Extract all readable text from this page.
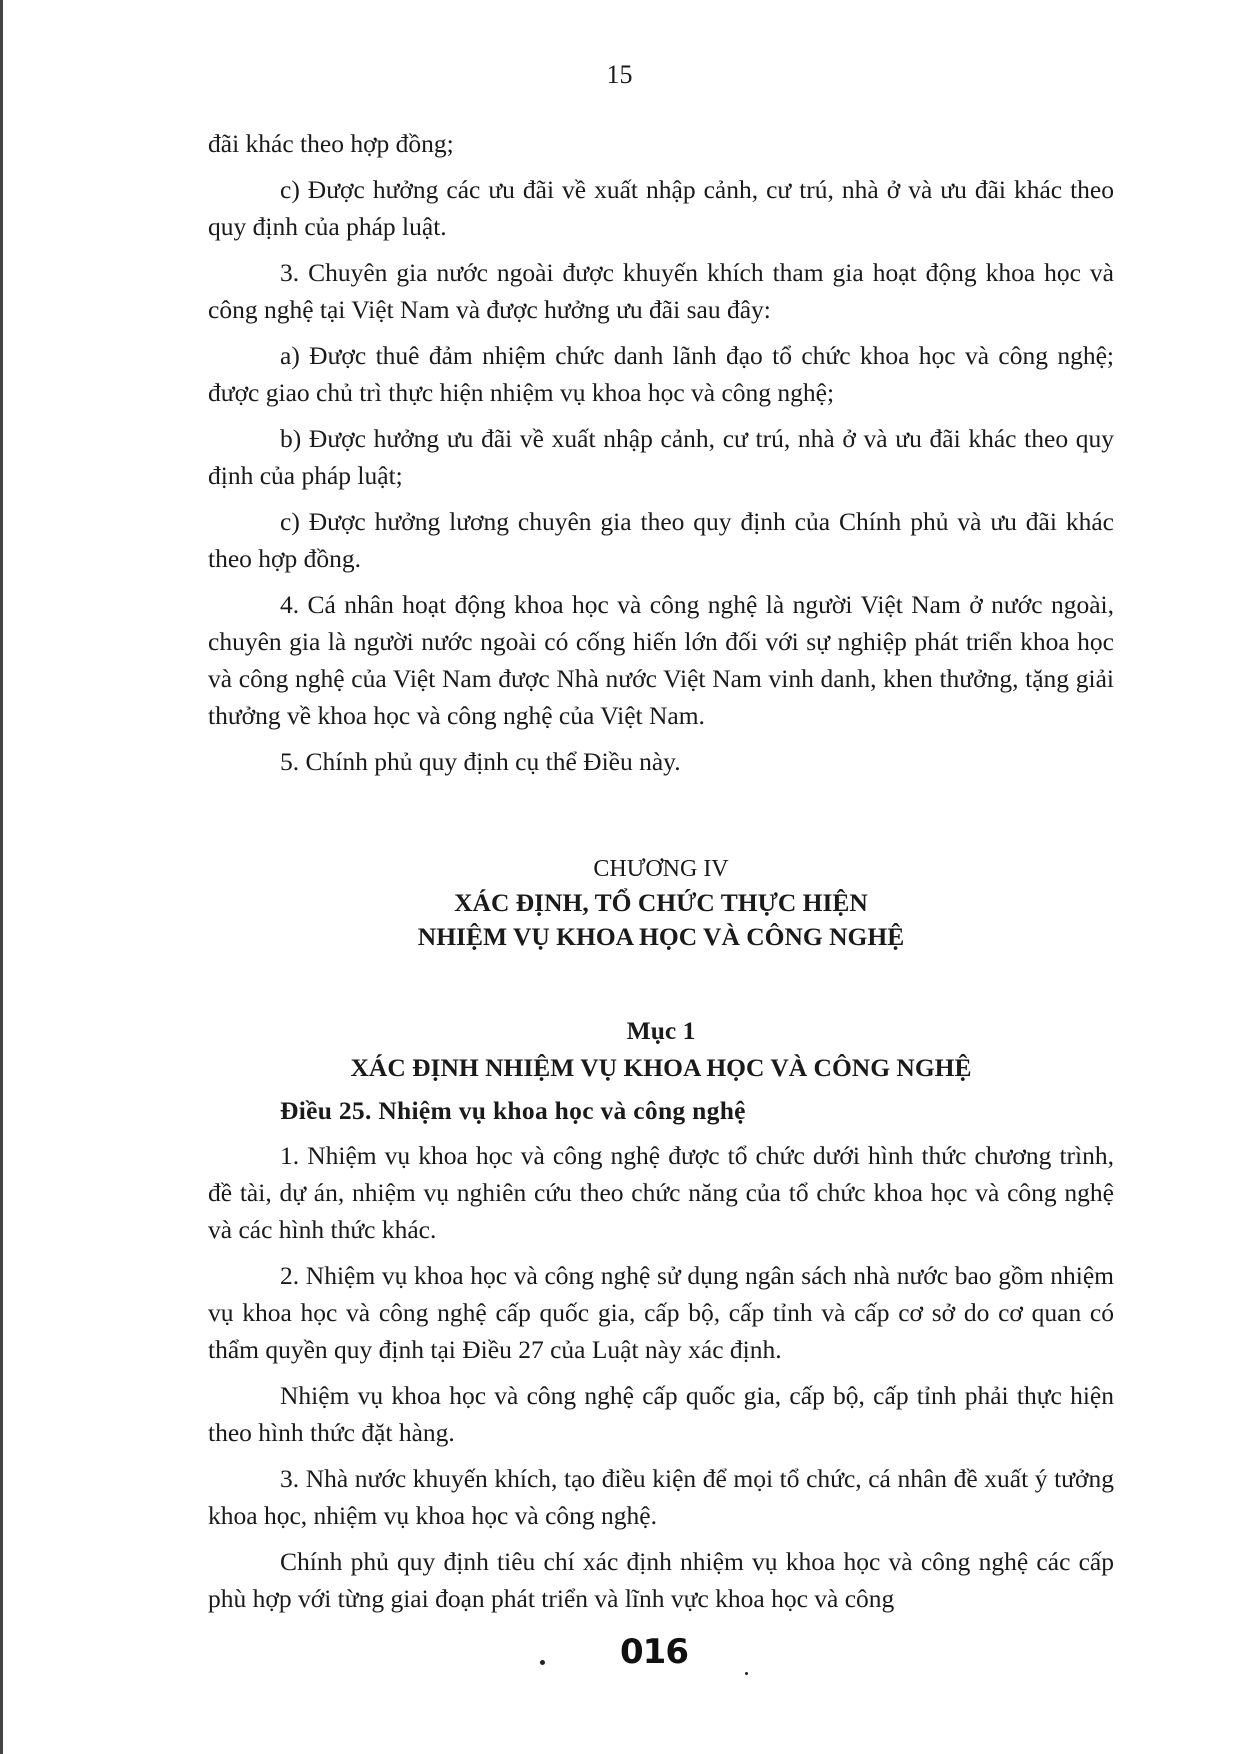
15

đãi khác theo hợp đồng;

c) Được hưởng các ưu đãi về xuất nhập cảnh, cư trú, nhà ở và ưu đãi khác theo quy định của pháp luật.

3. Chuyên gia nước ngoài được khuyến khích tham gia hoạt động khoa học và công nghệ tại Việt Nam và được hưởng ưu đãi sau đây:

a) Được thuê đảm nhiệm chức danh lãnh đạo tổ chức khoa học và công nghệ; được giao chủ trì thực hiện nhiệm vụ khoa học và công nghệ;

b) Được hưởng ưu đãi về xuất nhập cảnh, cư trú, nhà ở và ưu đãi khác theo quy định của pháp luật;

c) Được hưởng lương chuyên gia theo quy định của Chính phủ và ưu đãi khác theo hợp đồng.

4. Cá nhân hoạt động khoa học và công nghệ là người Việt Nam ở nước ngoài, chuyên gia là người nước ngoài có cống hiến lớn đối với sự nghiệp phát triển khoa học và công nghệ của Việt Nam được Nhà nước Việt Nam vinh danh, khen thưởng, tặng giải thưởng về khoa học và công nghệ của Việt Nam.

5. Chính phủ quy định cụ thể Điều này.

CHƯƠNG IV
XÁC ĐỊNH, TỔ CHỨC THỰC HIỆN
NHIỆM VỤ KHOA HỌC VÀ CÔNG NGHỆ
Mục 1
XÁC ĐỊNH NHIỆM VỤ KHOA HỌC VÀ CÔNG NGHỆ
Điều 25. Nhiệm vụ khoa học và công nghệ

1. Nhiệm vụ khoa học và công nghệ được tổ chức dưới hình thức chương trình, đề tài, dự án, nhiệm vụ nghiên cứu theo chức năng của tổ chức khoa học và công nghệ và các hình thức khác.

2. Nhiệm vụ khoa học và công nghệ sử dụng ngân sách nhà nước bao gồm nhiệm vụ khoa học và công nghệ cấp quốc gia, cấp bộ, cấp tỉnh và cấp cơ sở do cơ quan có thẩm quyền quy định tại Điều 27 của Luật này xác định.

Nhiệm vụ khoa học và công nghệ cấp quốc gia, cấp bộ, cấp tỉnh phải thực hiện theo hình thức đặt hàng.

3. Nhà nước khuyến khích, tạo điều kiện để mọi tổ chức, cá nhân đề xuất ý tưởng khoa học, nhiệm vụ khoa học và công nghệ.

Chính phủ quy định tiêu chí xác định nhiệm vụ khoa học và công nghệ các cấp phù hợp với từng giai đoạn phát triển và lĩnh vực khoa học và công

016
